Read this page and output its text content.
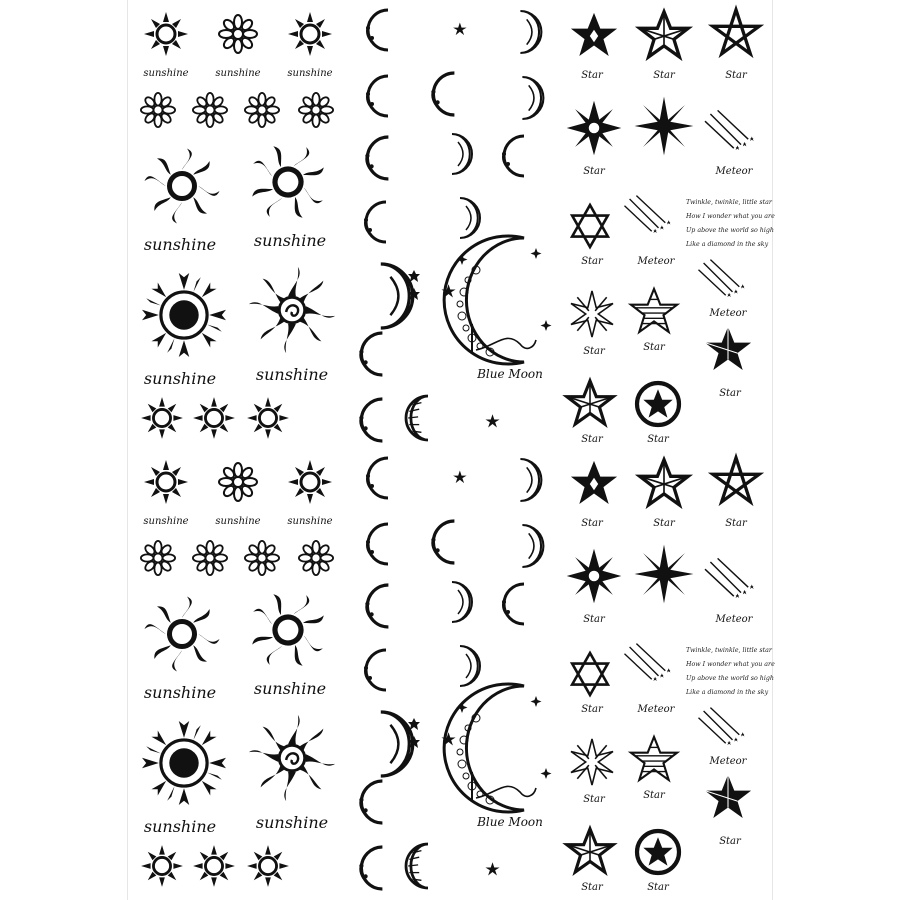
sunshine	sunshine	sunshine
sunshine sunshine
sunshine sunshine	Blue Moon
Star	Star	Star
Star	Meteor
Twinkle, twinkle, little star
How I wonder what you are
Up above the world so high
Like a diamond in the sky
Star	Meteor
Meteor
Star	Star
Star
Star	Star
sunshine	sunshine	sunshine
sunshine sunshine
sunshine sunshine	Blue Moon
Star	Star	Star
Star	Meteor
Twinkle, twinkle, little star
How I wonder what you are
Up above the world so high
Like a diamond in the sky
Star	Meteor
Meteor
Star	Star
Star
Star	Star
